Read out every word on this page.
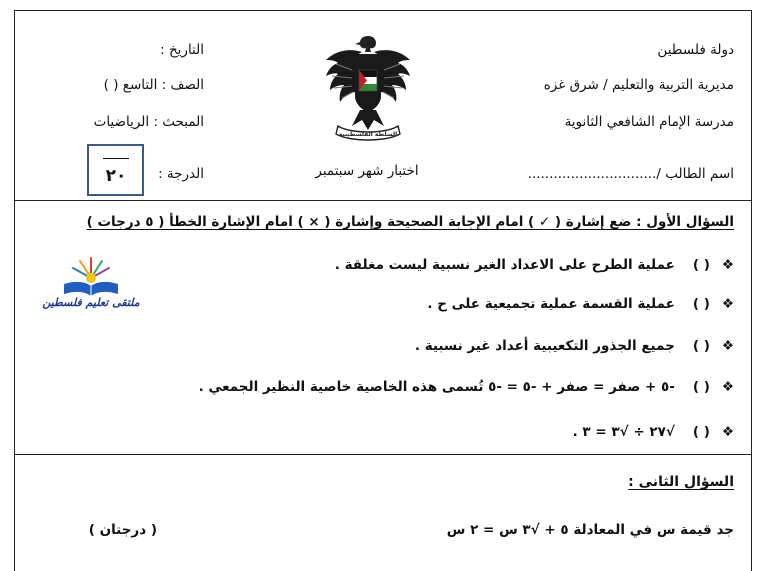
دولة فلسطين
مديرية التربية والتعليم / شرق غزه
مدرسة الإمام الشافعي الثانوية
اسم الطالب /..............................
التاريخ :
الصف : التاسع ( )
المبحث : الرياضيات
الدرجة :	اختبار شهر سبتمبر
٢٠
السلطة الفلسطينية
السؤال الأول : ضع إشارة ( ✓ ) امام الإجابة الصحيحة وإشارة ( × ) امام الإشارة الخطأ ( ٥ درجات )
ملتقى تعليم فلسطين
❖( )عملية الطرح على الاعداد الغير نسبية ليست مغلقة .
❖( )عملية القسمة عملية تجميعية على ح .
❖( )جميع الجذور التكعيبية أعداد غير نسبية .
❖( )-٥ + صفر = صفر + -٥ = -٥ تُسمى هذه الخاصية خاصية النظير الجمعي .
❖( )√٢٧ ÷ √٣ = ٣ .
السؤال الثانى :
جد قيمة س في المعادلة ٥ + √٣ س = ٢ س
( درجتان )
